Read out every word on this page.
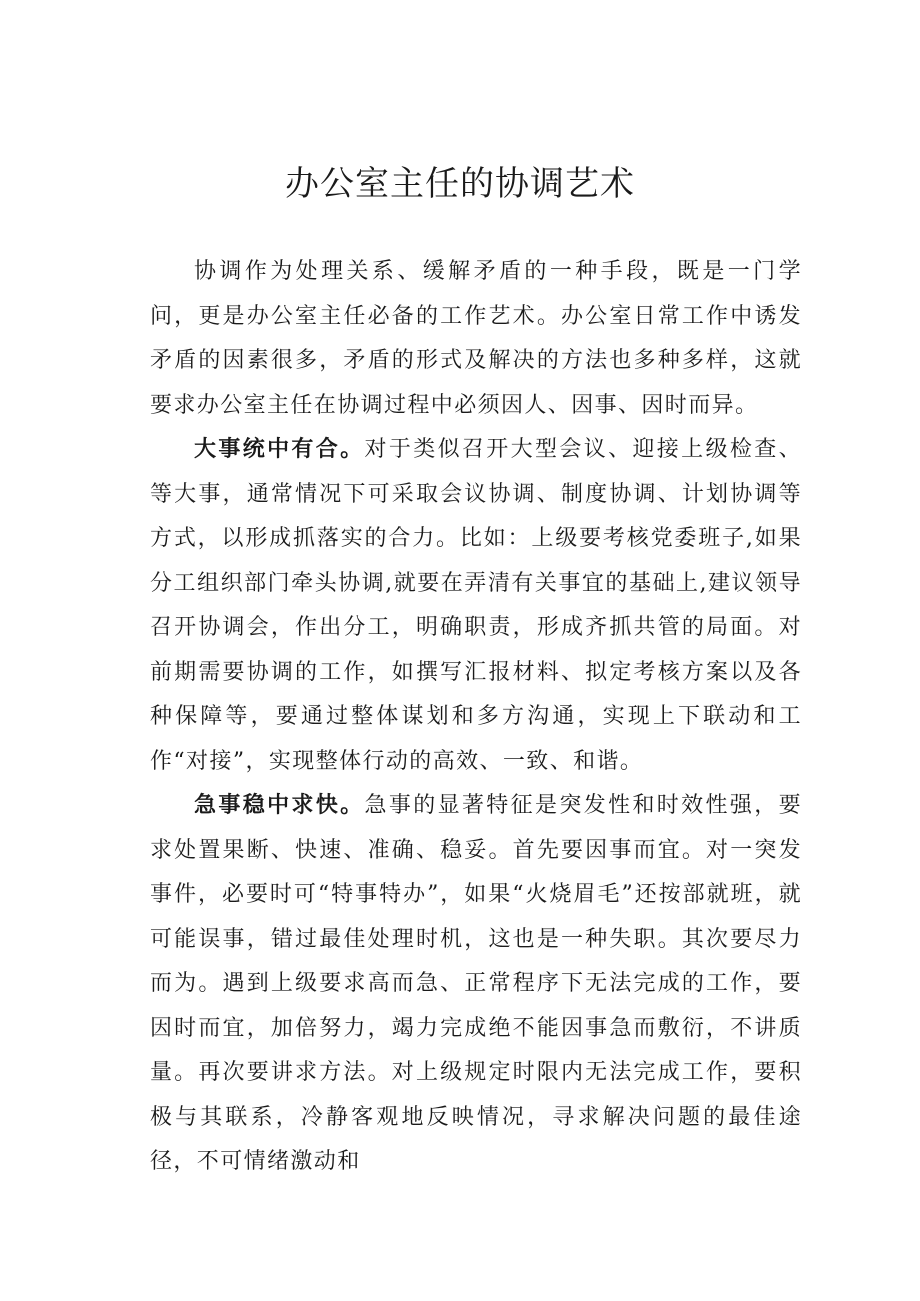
办公室主任的协调艺术

协调作为处理关系、缓解矛盾的一种手段，既是一门学问，更是办公室主任必备的工作艺术。办公室日常工作中诱发矛盾的因素很多，矛盾的形式及解决的方法也多种多样，这就要求办公室主任在协调过程中必须因人、因事、因时而异。

大事统中有合。对于类似召开大型会议、迎接上级检查、等大事，通常情况下可采取会议协调、制度协调、计划协调等方式，以形成抓落实的合力。比如：上级要考核党委班子,如果分工组织部门牵头协调,就要在弄清有关事宜的基础上,建议领导召开协调会，作出分工，明确职责，形成齐抓共管的局面。对前期需要协调的工作，如撰写汇报材料、拟定考核方案以及各种保障等，要通过整体谋划和多方沟通，实现上下联动和工作“对接”，实现整体行动的高效、一致、和谐。

急事稳中求快。急事的显著特征是突发性和时效性强，要求处置果断、快速、准确、稳妥。首先要因事而宜。对一突发事件，必要时可“特事特办”，如果“火烧眉毛”还按部就班，就可能误事，错过最佳处理时机，这也是一种失职。其次要尽力而为。遇到上级要求高而急、正常程序下无法完成的工作，要因时而宜，加倍努力，竭力完成绝不能因事急而敷衍，不讲质量。再次要讲求方法。对上级规定时限内无法完成工作，要积极与其联系，冷静客观地反映情况，寻求解决问题的最佳途径，不可情绪激动和
